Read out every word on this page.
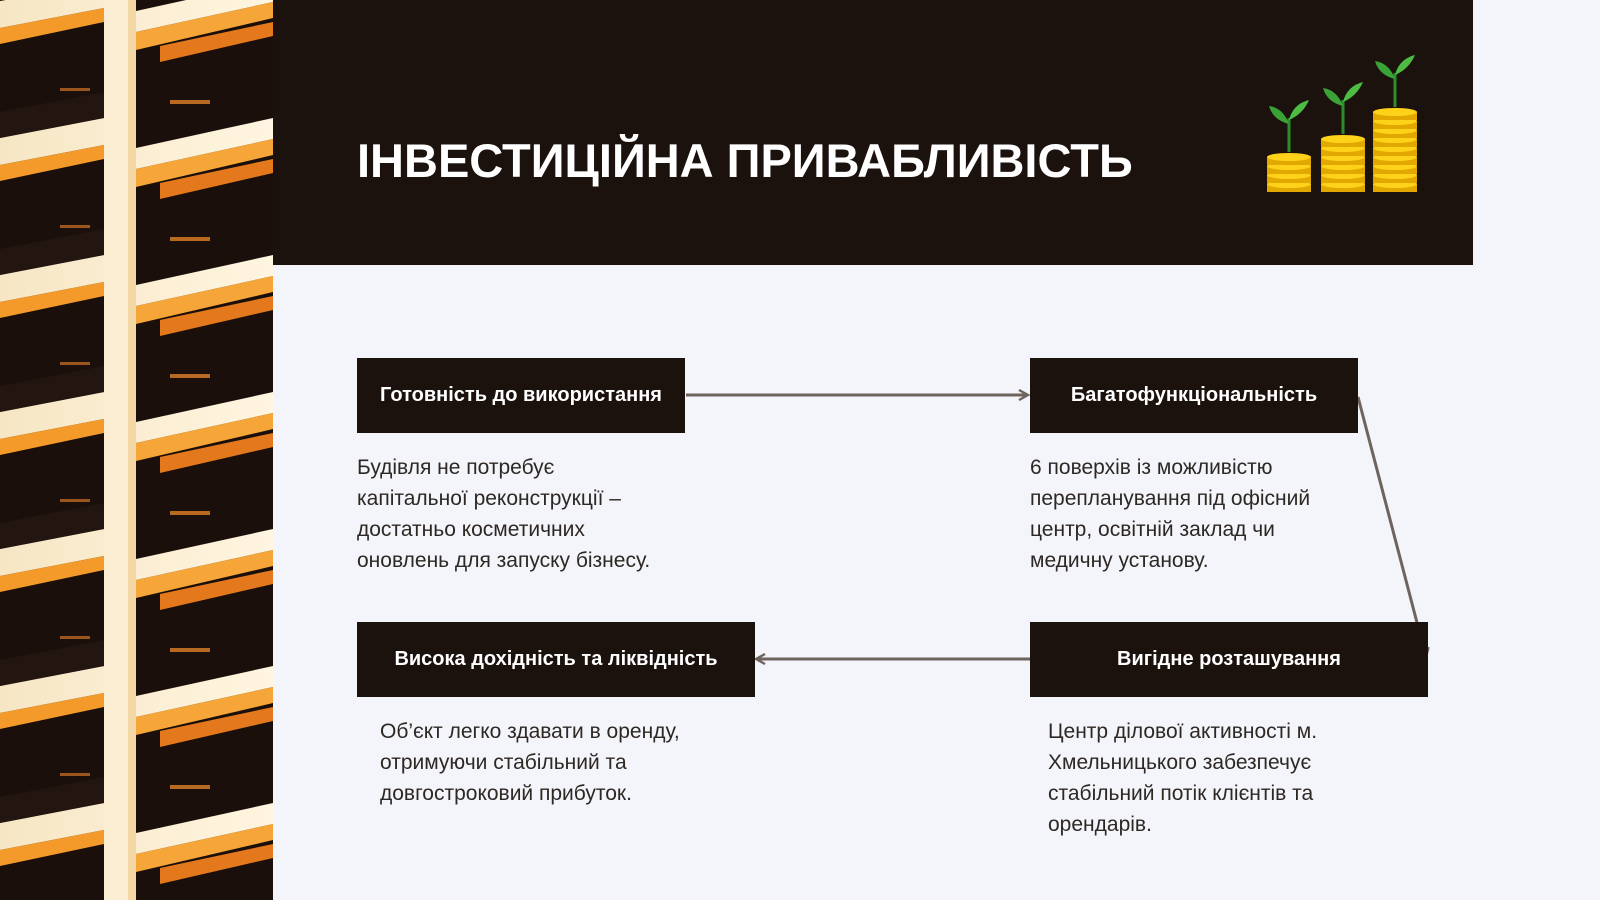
ІНВЕСТИЦІЙНА ПРИВАБЛИВІСТЬ
Готовність до використання
Будівля не потребує
капітальної реконструкції –
достатньо косметичних
оновлень для запуску бізнесу.
Багатофункціональність
6 поверхів із можливістю
перепланування під офісний
центр, освітній заклад чи
медичну установу.
Вигідне розташування
Центр ділової активності м.
Хмельницького забезпечує
стабільний потік клієнтів та
орендарів.
Висока дохідність та ліквідність
Об’єкт легко здавати в оренду,
отримуючи стабільний та
довгостроковий прибуток.
